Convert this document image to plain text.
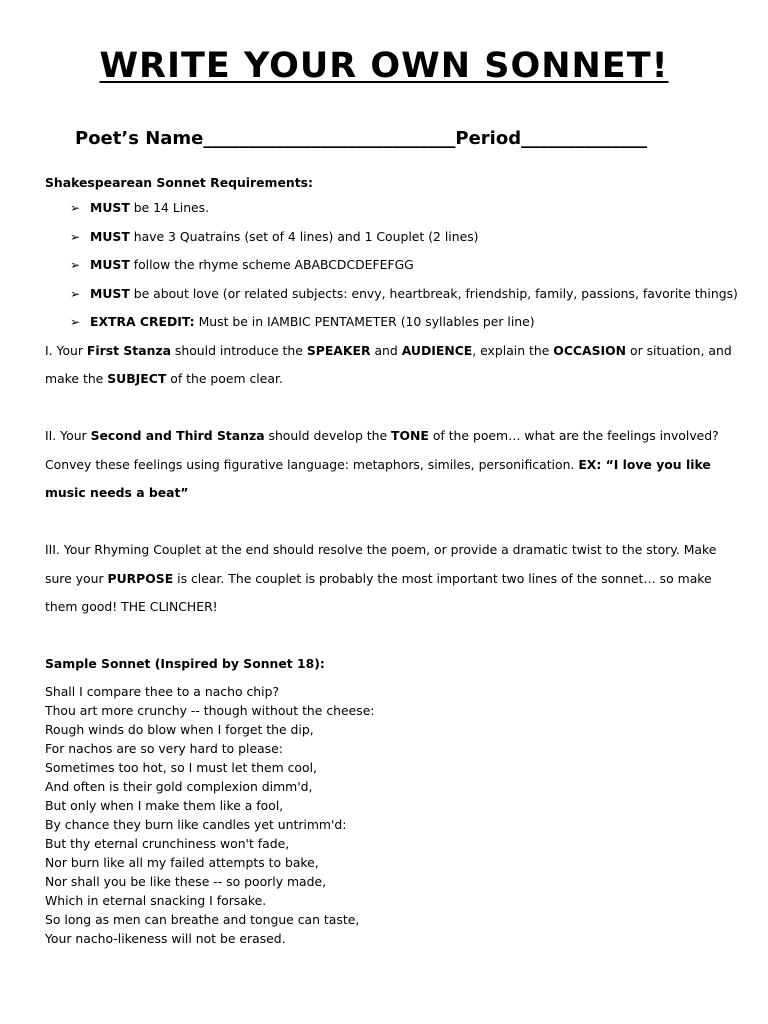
WRITE YOUR OWN SONNET!
Poet’s Name____________________________Period______________
Shakespearean Sonnet Requirements:
➢ MUST be 14 Lines.
➢ MUST have 3 Quatrains (set of 4 lines) and 1 Couplet (2 lines)
➢ MUST follow the rhyme scheme ABABCDCDEFEFGG
➢ MUST be about love (or related subjects: envy, heartbreak, friendship, family, passions, favorite things)
➢ EXTRA CREDIT: Must be in IAMBIC PENTAMETER (10 syllables per line)

I. Your First Stanza should introduce the SPEAKER and AUDIENCE, explain the OCCASION or situation, and make the SUBJECT of the poem clear.

II. Your Second and Third Stanza should develop the TONE of the poem… what are the feelings involved? Convey these feelings using figurative language: metaphors, similes, personification. EX: “I love you like music needs a beat”

III. Your Rhyming Couplet at the end should resolve the poem, or provide a dramatic twist to the story. Make sure your PURPOSE is clear. The couplet is probably the most important two lines of the sonnet… so make them good! THE CLINCHER!

Sample Sonnet (Inspired by Sonnet 18):
Shall I compare thee to a nacho chip?
Thou art more crunchy -- though without the cheese:
Rough winds do blow when I forget the dip,
For nachos are so very hard to please:
Sometimes too hot, so I must let them cool,
And often is their gold complexion dimm'd,
But only when I make them like a fool,
By chance they burn like candles yet untrimm'd:
But thy eternal crunchiness won't fade,
Nor burn like all my failed attempts to bake,
Nor shall you be like these -- so poorly made,
Which in eternal snacking I forsake.
So long as men can breathe and tongue can taste,
Your nacho-likeness will not be erased.
